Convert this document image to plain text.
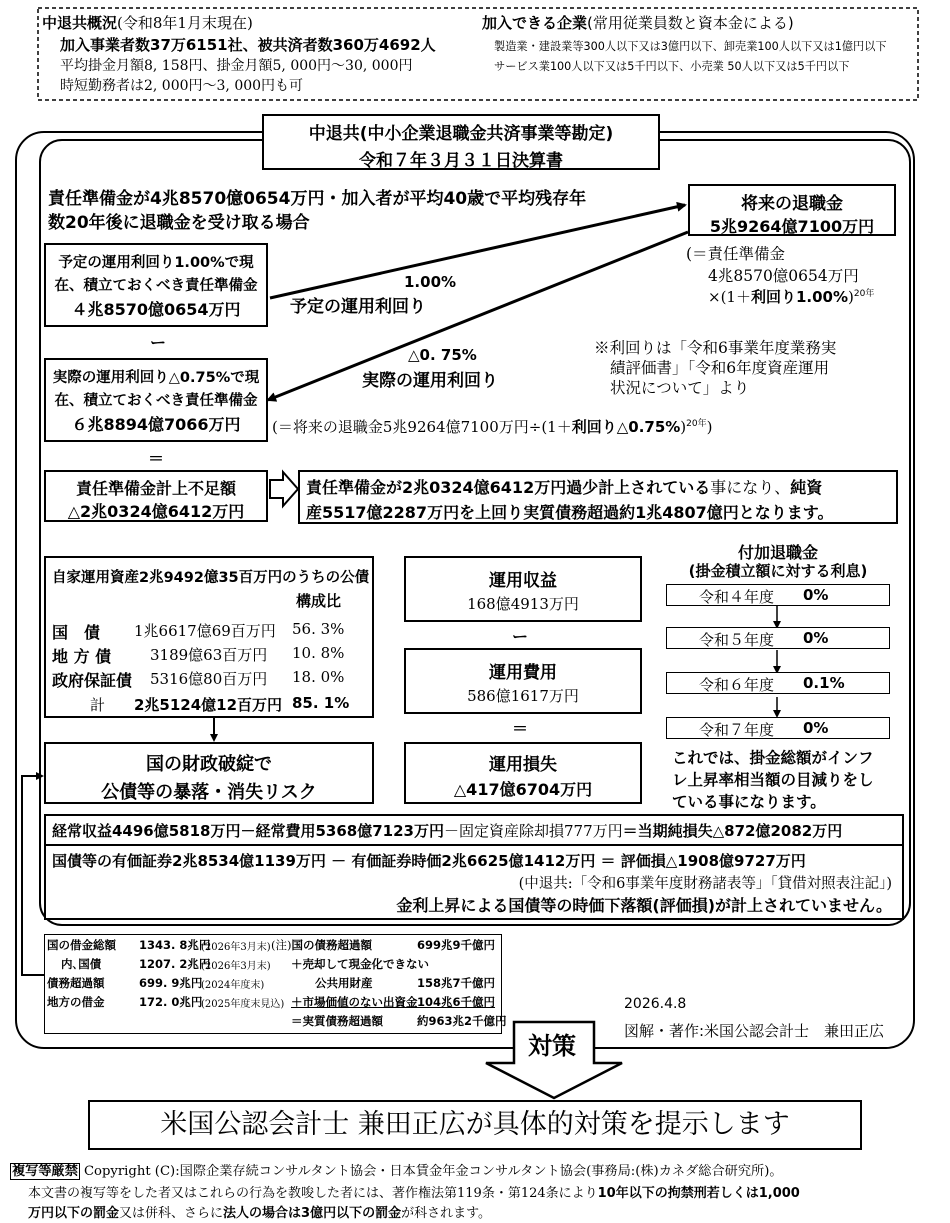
中退共概況(令和8年1月末現在)
加入事業者数37万6151社、被共済者数360万4692人
平均掛金月額8, 158円、掛金月額5, 000円～30, 000円
時短勤務者は2, 000円～3, 000円も可
加入できる企業(常用従業員数と資本金による)
製造業・建設業等300人以下又は3億円以下、卸売業100人以下又は1億円以下
サービス業100人以下又は5千円以下、小売業 50人以下又は5千円以下
中退共(中小企業退職金共済事業等勘定)
令和７年３月３１日決算書
責任準備金が4兆8570億0654万円・加入者が平均40歳で平均残存年
数20年後に退職金を受け取る場合
将来の退職金
5兆9264億7100万円
(＝責任準備金
4兆8570億0654万円
×(1＋利回り1.00%)$^{20年}$
予定の運用利回り1.00%で現
在、積立ておくべき責任準備金
４兆8570億0654万円
1.00%
予定の運用利回り
ー
実際の運用利回り△0.75%で現
在、積立ておくべき責任準備金
６兆8894億7066万円
△0. 75%
実際の運用利回り
(＝将来の退職金5兆9264億7100万円÷(1＋利回り△0.75%)$^{20年}$)
※利回りは「令和6事業年度業務実
績評価書」「令和6年度資産運用
状況について」より
＝
責任準備金計上不足額
△2兆0324億6412万円
責任準備金が2兆0324億6412万円過少計上されている事になり、純資
産5517億2287万円を上回り実質債務超過約1兆4807億円となります。
自家運用資産2兆9492億35百万円のうちの公債
構成比
国　債 1兆6617億69百万円 56. 3%
地 方 債	3189億63百万円 10. 8%
政府保証債 5316億80百万円 18. 0%
計 2兆5124億12百万円 85. 1%
国の財政破綻で
公債等の暴落・消失リスク
運用収益
168億4913万円
ー
運用費用
586億1617万円
＝
運用損失
△417億6704万円
付加退職金
(掛金積立額に対する利息)
令和４年度 0%
令和５年度 0%
令和６年度 0.1%
令和７年度 0%
これでは、掛金総額がインフ
レ上昇率相当額の目減りをし
ている事になります。
経常収益4496億5818万円－経常費用5368億7123万円－固定資産除却損777万円＝当期純損失△872億2082万円
国債等の有価証券2兆8534億1139万円 － 有価証券時価2兆6625億1412万円 ＝ 評価損△1908億9727万円
(中退共:「令和6事業年度財務諸表等」「貸借対照表注記」)
金利上昇による国債等の時価下落額(評価損)が計上されていません。
国の借金総額 1343. 8兆円
(2026年3月末)
内､国債	1207. 2兆円
(2026年3月末)
債務超過額	699. 9兆円
(2024年度末)
地方の借金	172. 0兆円
(2025年度末見込)
(注)国の債務超過額	699兆9千億円
＋売却して現金化できない
公共用財産	158兆7千億円
＋市場価値のない出資金 104兆6千億円
＝実質債務超過額	約963兆2千億円
2026.4.8
図解・著作:米国公認会計士　兼田正広
対策
米国公認会計士 兼田正広が具体的対策を提示します
複写等厳禁 Copyright (C):国際企業存続コンサルタント協会・日本賃金年金コンサルタント協会(事務局:(株)カネダ総合研究所)。
本文書の複写等をした者又はこれらの行為を教唆した者には、著作権法第119条・第124条により10年以下の拘禁刑若しくは1,000
万円以下の罰金又は併科、さらに法人の場合は3億円以下の罰金が科されます。
